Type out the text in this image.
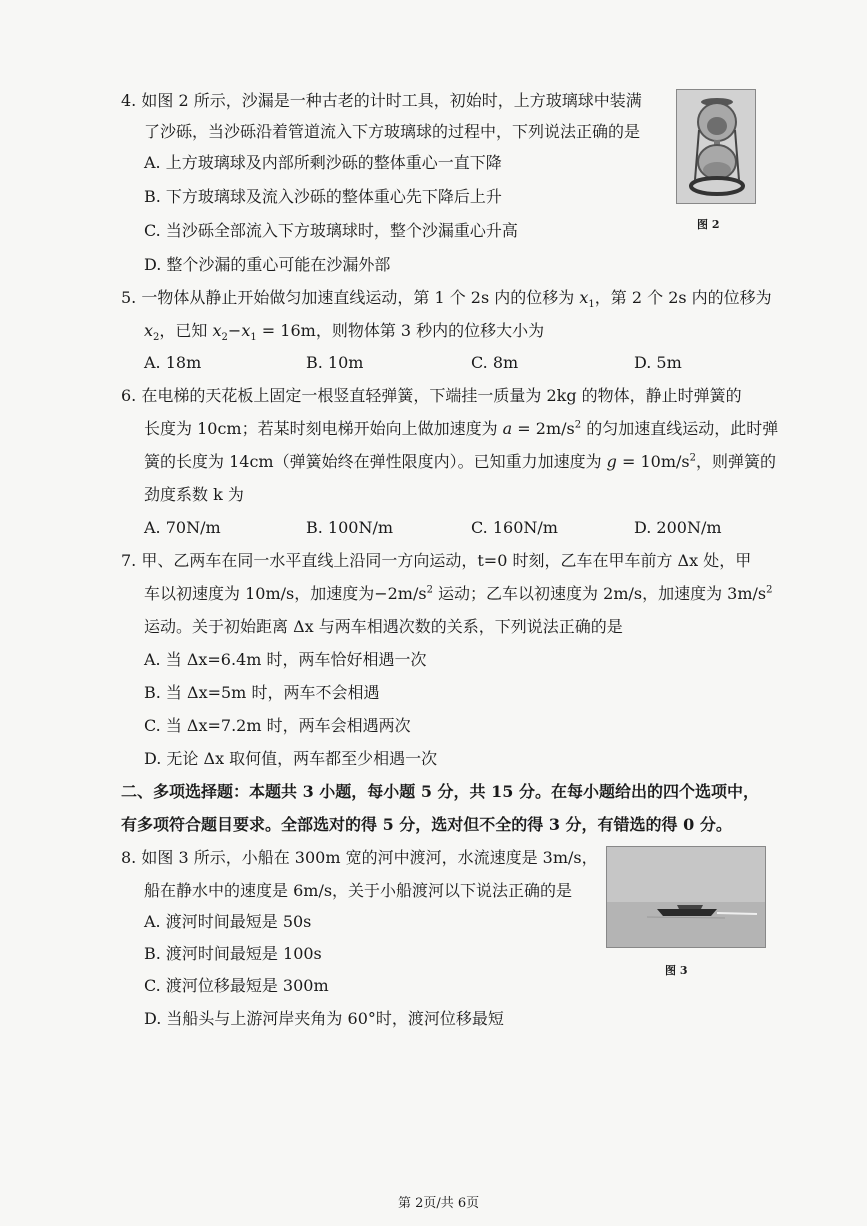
4. 如图 2 所示，沙漏是一种古老的计时工具，初始时，上方玻璃球中装满
了沙砾，当沙砾沿着管道流入下方玻璃球的过程中，下列说法正确的是
A. 上方玻璃球及内部所剩沙砾的整体重心一直下降
B. 下方玻璃球及流入沙砾的整体重心先下降后上升
C. 当沙砾全部流入下方玻璃球时，整个沙漏重心升高
D. 整个沙漏的重心可能在沙漏外部
图 2
5. 一物体从静止开始做匀加速直线运动，第 1 个 2s 内的位移为 $x_1$，第 2 个 2s 内的位移为
$x_2$，已知 $x_2-x_1 = 16m$，则物体第 3 秒内的位移大小为
A. 18m	B. 10m	C. 8m	D. 5m
6. 在电梯的天花板上固定一根竖直轻弹簧，下端挂一质量为 2kg 的物体，静止时弹簧的
长度为 10cm；若某时刻电梯开始向上做加速度为 $a = 2m/s^2$ 的匀加速直线运动，此时弹
簧的长度为 14cm（弹簧始终在弹性限度内）。已知重力加速度为 $g = 10m/s^2$，则弹簧的
劲度系数 k 为
A. 70N/m	B. 100N/m	C. 160N/m	D. 200N/m
7. 甲、乙两车在同一水平直线上沿同一方向运动，t=0 时刻，乙车在甲车前方 Δx 处，甲
车以初速度为 10m/s，加速度为$-2m/s^2$ 运动；乙车以初速度为 2m/s，加速度为 $3m/s^2$
运动。关于初始距离 Δx 与两车相遇次数的关系，下列说法正确的是
A. 当 Δx=6.4m 时，两车恰好相遇一次
B. 当 Δx=5m 时，两车不会相遇
C. 当 Δx=7.2m 时，两车会相遇两次
D. 无论 Δx 取何值，两车都至少相遇一次
二、多项选择题：本题共 3 小题，每小题 5 分，共 15 分。在每小题给出的四个选项中，
有多项符合题目要求。全部选对的得 5 分，选对但不全的得 3 分，有错选的得 0 分。
8. 如图 3 所示，小船在 300m 宽的河中渡河，水流速度是 3m/s，
船在静水中的速度是 6m/s，关于小船渡河以下说法正确的是
A. 渡河时间最短是 50s
B. 渡河时间最短是 100s
C. 渡河位移最短是 300m
D. 当船头与上游河岸夹角为 60°时，渡河位移最短
图 3
第 2页/共 6页
